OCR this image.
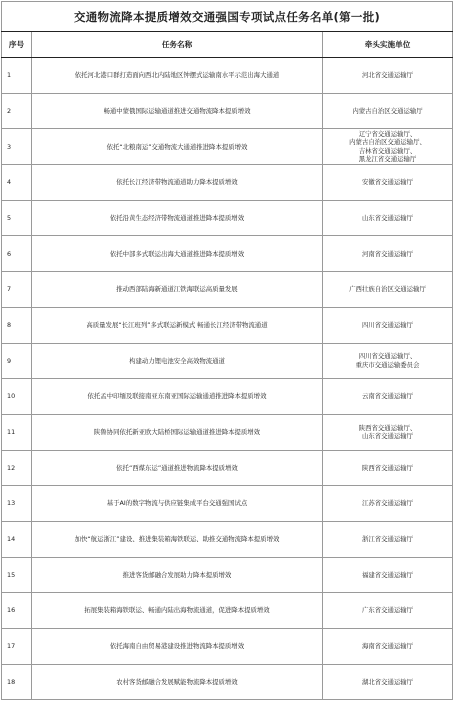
交通物流降本提质增效交通强国专项试点任务名单(第一批)		
序号	任务名称	牵头实施单位
1	依托河北港口群打造面向西北内陆地区钟摆式运输南水平示范出海大通道	河北省交通运输厅

2	畅通中蒙俄国际运输通道推进交通物流降本提质增效	内蒙古自治区交通运输厅

3	依托“北粮南运”交通物流大通道推进降本提质增效	辽宁省交通运输厅、
内蒙古自治区交通运输厅、
吉林省交通运输厅、
黑龙江省交通运输厅

4	依托长江经济带物流通道助力降本提质增效	安徽省交通运输厅

5	依托沿黄生态经济带物流通道推进降本提质增效	山东省交通运输厅

6	依托中部多式联运出海大通道推进降本提质增效	河南省交通运输厅

7	推动西部陆海新通道江铁海联运高质量发展	广西壮族自治区交通运输厅

8	高质量发展“长江班列”多式联运新模式 畅通长江经济带物流通道	四川省交通运输厅

9	构建动力锂电池安全高效物流通道	四川省交通运输厅、
重庆市交通运输委员会

10	依托孟中印缅及联接南亚东南亚国际运输通道推进降本提质增效	云南省交通运输厅

11	陕鲁协同依托新亚欧大陆桥国际运输通道推进降本提质增效	陕西省交通运输厅、
山东省交通运输厅

12	依托“西煤东运”通道推进物流降本提质增效	陕西省交通运输厅

13	基于AI的数字物流与供应链集成平台交通强国试点	江苏省交通运输厅

14	加快“航运浙江”建设、推进集装箱海铁联运、助推交通物流降本提质增效	浙江省交通运输厅

15	推进客货邮融合发展助力降本提质增效	福建省交通运输厅

16	拓展集装箱海铁联运、畅通内陆出海物流通道，促进降本提质增效	广东省交通运输厅

17	依托海南自由贸易港建设推进物流降本提质增效	海南省交通运输厅

18	农村客货邮融合发展赋能物流降本提质增效	湖北省交通运输厅
